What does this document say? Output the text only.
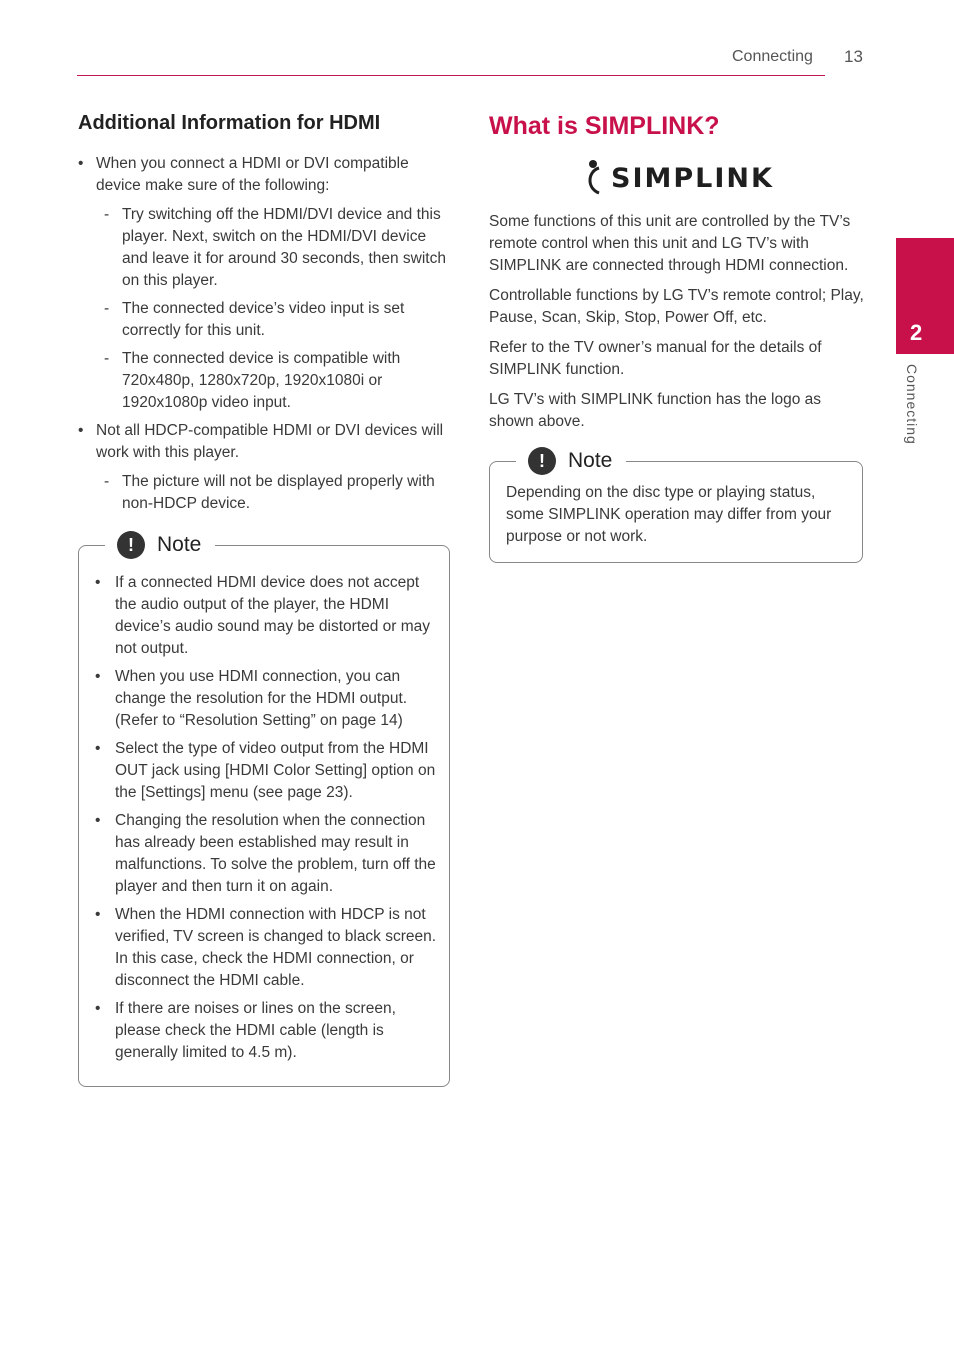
Connecting 13
2
Connecting
Additional Information for HDMI
• When you connect a HDMI or DVI compatible device make sure of the following:
- Try switching off the HDMI/DVI device and this player. Next, switch on the HDMI/DVI device and leave it for around 30 seconds, then switch on this player.
- The connected device’s video input is set correctly for this unit.
- The connected device is compatible with 720x480p, 1280x720p, 1920x1080i or 1920x1080p video input.
• Not all HDCP-compatible HDMI or DVI devices will work with this player.
- The picture will not be displayed properly with non-HDCP device.
!	Note
• If a connected HDMI device does not accept the audio output of the player, the HDMI device’s audio sound may be distorted or may not output.
• When you use HDMI connection, you can change the resolution for the HDMI output. (Refer to “Resolution Setting” on page 14)
• Select the type of video output from the HDMI OUT jack using [HDMI Color Setting] option on the [Settings] menu (see page 23).
• Changing the resolution when the connection has already been established may result in malfunctions. To solve the problem, turn off the player and then turn it on again.
• When the HDMI connection with HDCP is not verified, TV screen is changed to black screen. In this case, check the HDMI connection, or disconnect the HDMI cable.
• If there are noises or lines on the screen, please check the HDMI cable (length is generally limited to 4.5 m).
What is SIMPLINK?
SIMPLINK

Some functions of this unit are controlled by the TV’s remote control when this unit and LG TV’s with SIMPLINK are connected through HDMI connection.

Controllable functions by LG TV’s remote control; Play, Pause, Scan, Skip, Stop, Power Off, etc.

Refer to the TV owner’s manual for the details of SIMPLINK function.

LG TV’s with SIMPLINK function has the logo as shown above.

!	Note
Depending on the disc type or playing status, some SIMPLINK operation may differ from your purpose or not work.
